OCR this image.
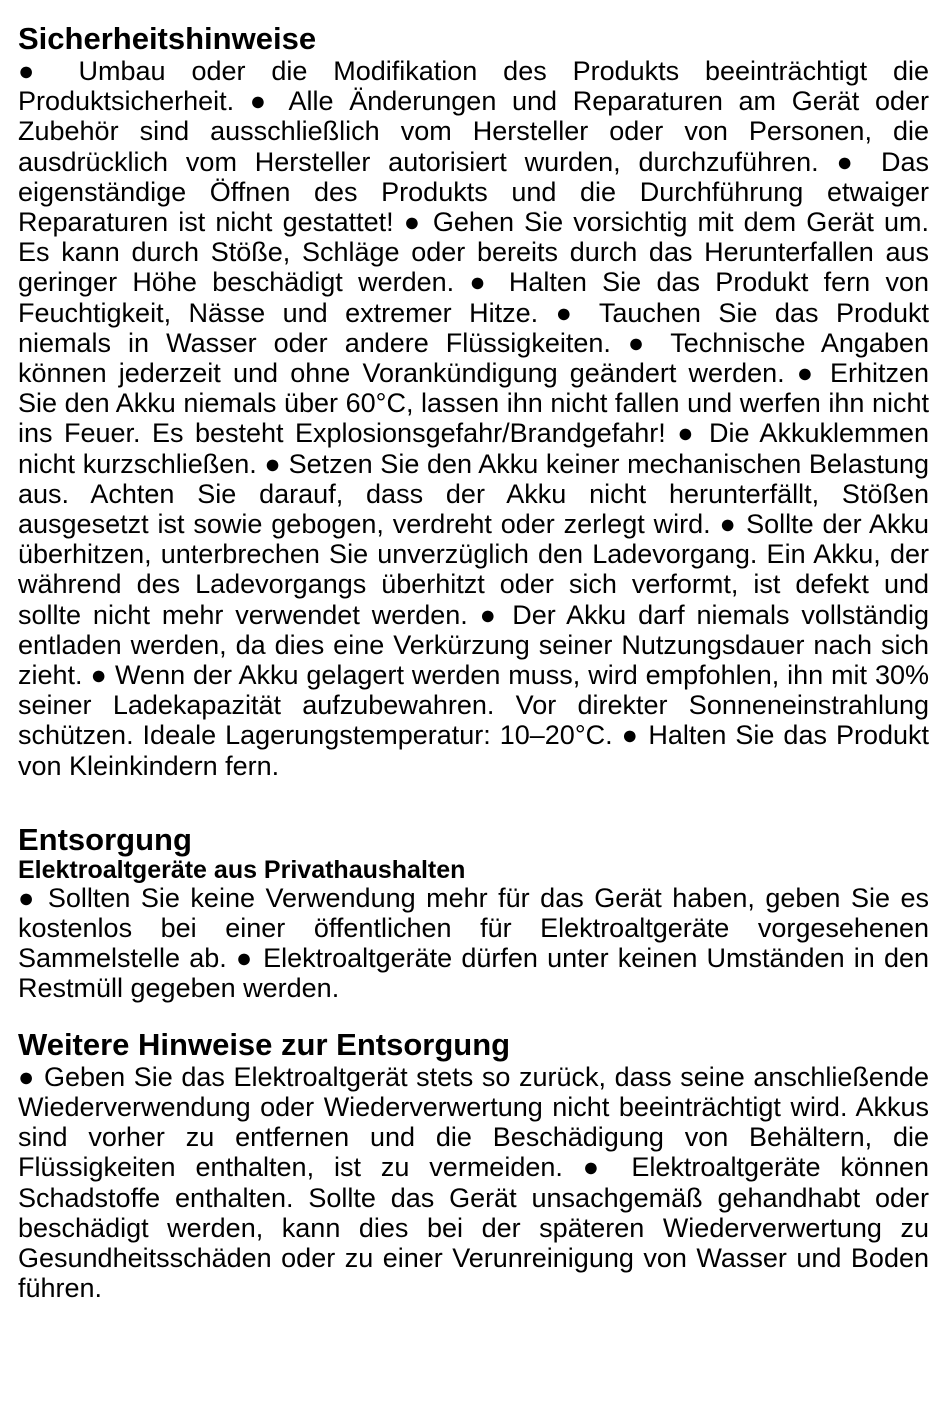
Sicherheitshinweise

● Umbau oder die Modifikation des Produkts beeinträchtigt die Produktsicherheit. ● Alle Änderungen und Reparaturen am Gerät oder Zubehör sind ausschließlich vom Hersteller oder von Personen, die ausdrücklich vom Hersteller autorisiert wurden, durchzuführen. ● Das eigenständige Öffnen des Produkts und die Durchführung etwaiger Reparaturen ist nicht gestattet! ● Gehen Sie vorsichtig mit dem Gerät um. Es kann durch Stöße, Schläge oder bereits durch das Herunterfallen aus geringer Höhe beschädigt werden. ● Halten Sie das Produkt fern von Feuchtigkeit, Nässe und extremer Hitze. ● Tauchen Sie das Produkt niemals in Wasser oder andere Flüssigkeiten. ● Technische Angaben können jederzeit und ohne Vorankündigung geändert werden. ● Erhitzen Sie den Akku niemals über 60°C, lassen ihn nicht fallen und werfen ihn nicht ins Feuer. Es besteht Explosionsgefahr/Brandgefahr! ● Die Akkuklemmen nicht kurzschließen. ● Setzen Sie den Akku keiner mechanischen Belastung aus. Achten Sie darauf, dass der Akku nicht herunterfällt, Stößen ausgesetzt ist sowie gebogen, verdreht oder zerlegt wird. ● Sollte der Akku überhitzen, unterbrechen Sie unverzüglich den Ladevorgang. Ein Akku, der während des Ladevorgangs überhitzt oder sich verformt, ist defekt und sollte nicht mehr verwendet werden. ● Der Akku darf niemals vollständig entladen werden, da dies eine Verkürzung seiner Nutzungsdauer nach sich zieht. ● Wenn der Akku gelagert werden muss, wird empfohlen, ihn mit 30% seiner Ladekapazität aufzubewahren. Vor direkter Sonneneinstrahlung schützen. Ideale Lagerungstemperatur: 10–20°C. ● Halten Sie das Produkt von Kleinkindern fern.

Entsorgung
Elektroaltgeräte aus Privathaushalten

● Sollten Sie keine Verwendung mehr für das Gerät haben, geben Sie es kostenlos bei einer öffentlichen für Elektroaltgeräte vorgesehenen Sammelstelle ab. ● Elektroaltgeräte dürfen unter keinen Umständen in den Restmüll gegeben werden.

Weitere Hinweise zur Entsorgung

● Geben Sie das Elektroaltgerät stets so zurück, dass seine anschließende Wiederverwendung oder Wiederverwertung nicht beeinträchtigt wird. Akkus sind vorher zu entfernen und die Beschädigung von Behältern, die Flüssigkeiten enthalten, ist zu vermeiden. ● Elektroaltgeräte können Schadstoffe enthalten. Sollte das Gerät unsachgemäß gehandhabt oder beschädigt werden, kann dies bei der späteren Wiederverwertung zu Gesundheitsschäden oder zu einer Verunreinigung von Wasser und Boden führen.
